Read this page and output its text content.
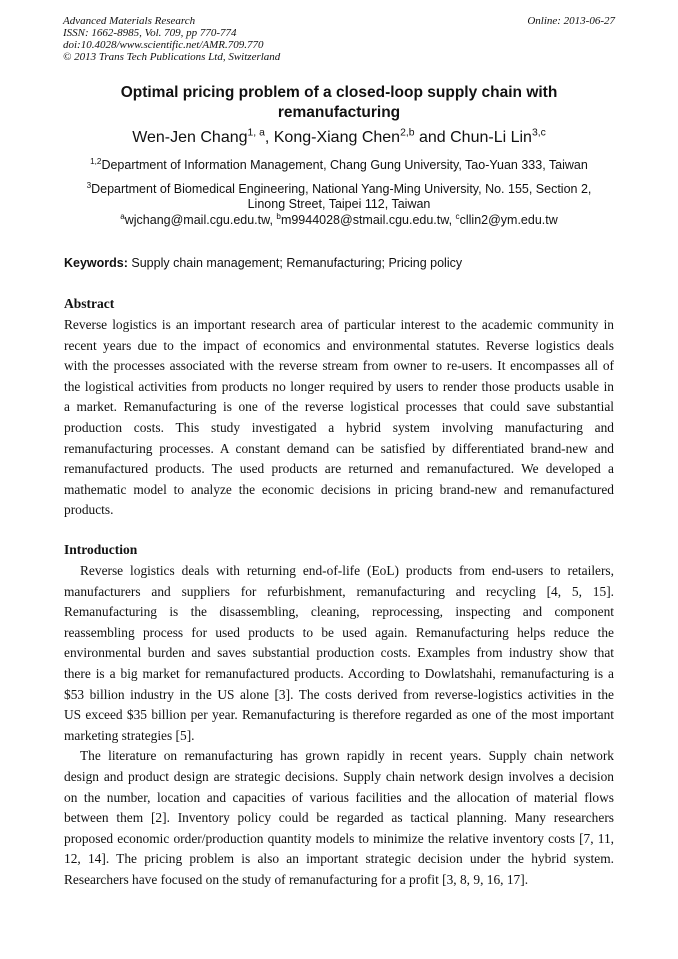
Advanced Materials Research
ISSN: 1662-8985, Vol. 709, pp 770-774
doi:10.4028/www.scientific.net/AMR.709.770
© 2013 Trans Tech Publications Ltd, Switzerland
Online: 2013-06-27
Optimal pricing problem of a closed-loop supply chain with
remanufacturing
Wen-Jen Chang$^{1, a}$, Kong-Xiang Chen$^{2,b}$ and Chun-Li Lin$^{3,c}$
$^{1,2}$Department of Information Management, Chang Gung University, Tao-Yuan 333, Taiwan
$^3$Department of Biomedical Engineering, National Yang-Ming University, No. 155, Section 2,
Linong Street, Taipei 112, Taiwan
$^a$wjchang@mail.cgu.edu.tw, $^b$m9944028@stmail.cgu.edu.tw, $^c$cllin2@ym.edu.tw
Keywords: Supply chain management; Remanufacturing; Pricing policy
Abstract
Reverse logistics is an important research area of particular interest to the academic community in
recent years due to the impact of economics and environmental statutes. Reverse logistics deals
with the processes associated with the reverse stream from owner to re-users. It encompasses all of
the logistical activities from products no longer required by users to render those products usable in
a market. Remanufacturing is one of the reverse logistical processes that could save substantial
production costs. This study investigated a hybrid system involving manufacturing and
remanufacturing processes. A constant demand can be satisfied by differentiated brand-new and
remanufactured products. The used products are returned and remanufactured. We developed a
mathematic model to analyze the economic decisions in pricing brand-new and remanufactured
products.
Introduction
Reverse logistics deals with returning end-of-life (EoL) products from end-users to retailers,
manufacturers and suppliers for refurbishment, remanufacturing and recycling [4, 5, 15].
Remanufacturing is the disassembling, cleaning, reprocessing, inspecting and component
reassembling process for used products to be used again. Remanufacturing helps reduce the
environmental burden and saves substantial production costs. Examples from industry show that
there is a big market for remanufactured products. According to Dowlatshahi, remanufacturing is a
$53 billion industry in the US alone [3]. The costs derived from reverse-logistics activities in the
US exceed $35 billion per year. Remanufacturing is therefore regarded as one of the most important
marketing strategies [5].
The literature on remanufacturing has grown rapidly in recent years. Supply chain network
design and product design are strategic decisions. Supply chain network design involves a decision
on the number, location and capacities of various facilities and the allocation of material flows
between them [2]. Inventory policy could be regarded as tactical planning. Many researchers
proposed economic order/production quantity models to minimize the relative inventory costs [7, 11,
12, 14]. The pricing problem is also an important strategic decision under the hybrid system.
Researchers have focused on the study of remanufacturing for a profit [3, 8, 9, 16, 17].
